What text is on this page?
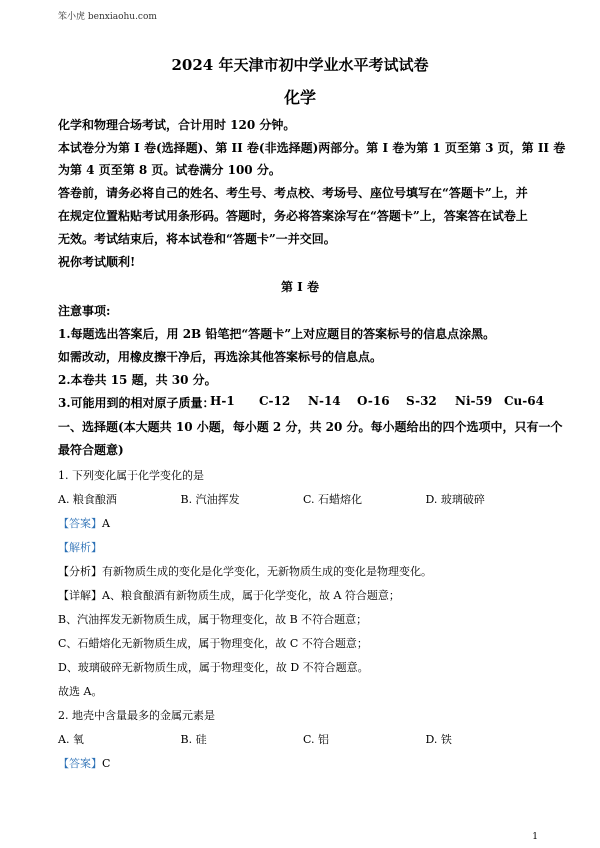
笨小虎 benxiaohu.com
2024 年天津市初中学业水平考试试卷
化学
化学和物理合场考试，合计用时 120 分钟。
本试卷分为第 I 卷(选择题)、第 II 卷(非选择题)两部分。第 I 卷为第 1 页至第 3 页，第 II 卷
为第 4 页至第 8 页。试卷满分 100 分。
答卷前，请务必将自己的姓名、考生号、考点校、考场号、座位号填写在“答题卡”上，并
在规定位置粘贴考试用条形码。答题时，务必将答案涂写在“答题卡”上，答案答在试卷上
无效。考试结束后，将本试卷和“答题卡”一并交回。
祝你考试顺利!
第 I 卷
注意事项:
1.每题选出答案后，用 2B 铅笔把“答题卡”上对应题目的答案标号的信息点涂黑。
如需改动，用橡皮擦干净后，再选涂其他答案标号的信息点。
2.本卷共 15 题，共 30 分。
3.可能用到的相对原子质量：
H-1	C-12	N-14	O-16	S-32	Ni-59 Cu-64
一、选择题(本大题共 10 小题，每小题 2 分，共 20 分。每小题给出的四个选项中，只有一个
最符合题意)
1. 下列变化属于化学变化的是
A. 粮食酿酒	B. 汽油挥发	C. 石蜡熔化	D. 玻璃破碎
【答案】A
【解析】
【分析】有新物质生成的变化是化学变化，无新物质生成的变化是物理变化。
【详解】A、粮食酿酒有新物质生成，属于化学变化，故 A 符合题意；
B、汽油挥发无新物质生成，属于物理变化，故 B 不符合题意；
C、石蜡熔化无新物质生成，属于物理变化，故 C 不符合题意；
D、玻璃破碎无新物质生成，属于物理变化，故 D 不符合题意。
故选 A。
2. 地壳中含量最多的金属元素是
A. 氧	B. 硅	C. 铝	D. 铁
【答案】C
1
